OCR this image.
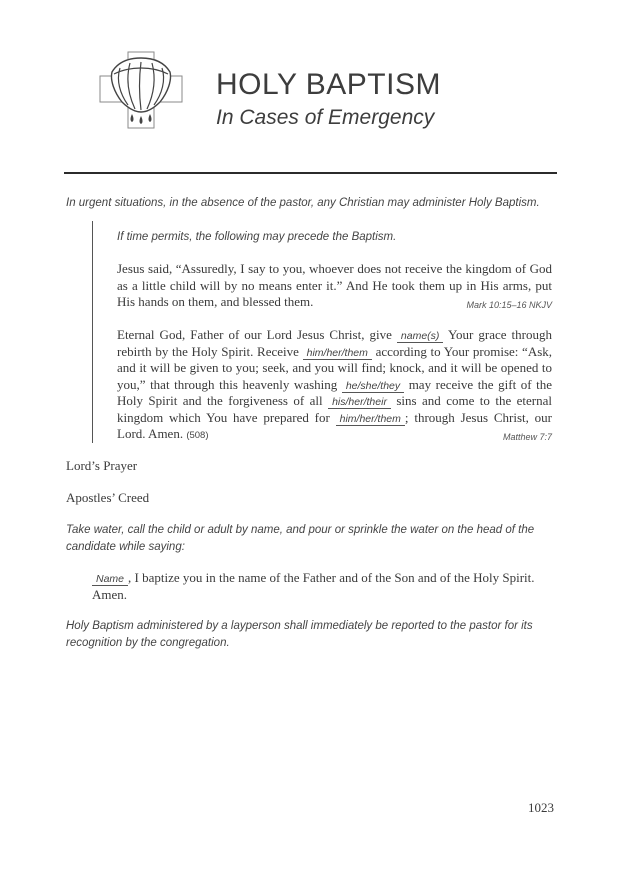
HOLY BAPTISM
In Cases of Emergency
In urgent situations, in the absence of the pastor, any Christian may administer Holy Baptism.
If time permits, the following may precede the Baptism.
Jesus said, “Assuredly, I say to you, whoever does not receive the kingdom of God as a little child will by no means enter it.” And He took them up in His arms, put His hands on them, and blessed them.	Mark 10:15–16 NKJV
Eternal God, Father of our Lord Jesus Christ, give name(s) Your grace through rebirth by the Holy Spirit. Receive him/her/them according to Your promise: “Ask, and it will be given to you; seek, and you will find; knock, and it will be opened to you,” that through this heavenly washing he/she/they may receive the gift of the Holy Spirit and the forgiveness of all his/her/their sins and come to the eternal kingdom which You have prepared for him/her/them ; through Jesus Christ, our Lord. Amen. (508)	Matthew 7:7
Lord’s Prayer
Apostles’ Creed
Take water, call the child or adult by name, and pour or sprinkle the water on the head of the candidate while saying:
Name , I baptize you in the name of the Father and of the Son and of the Holy Spirit. Amen.
Holy Baptism administered by a layperson shall immediately be reported to the pastor for its recognition by the congregation.
1023
